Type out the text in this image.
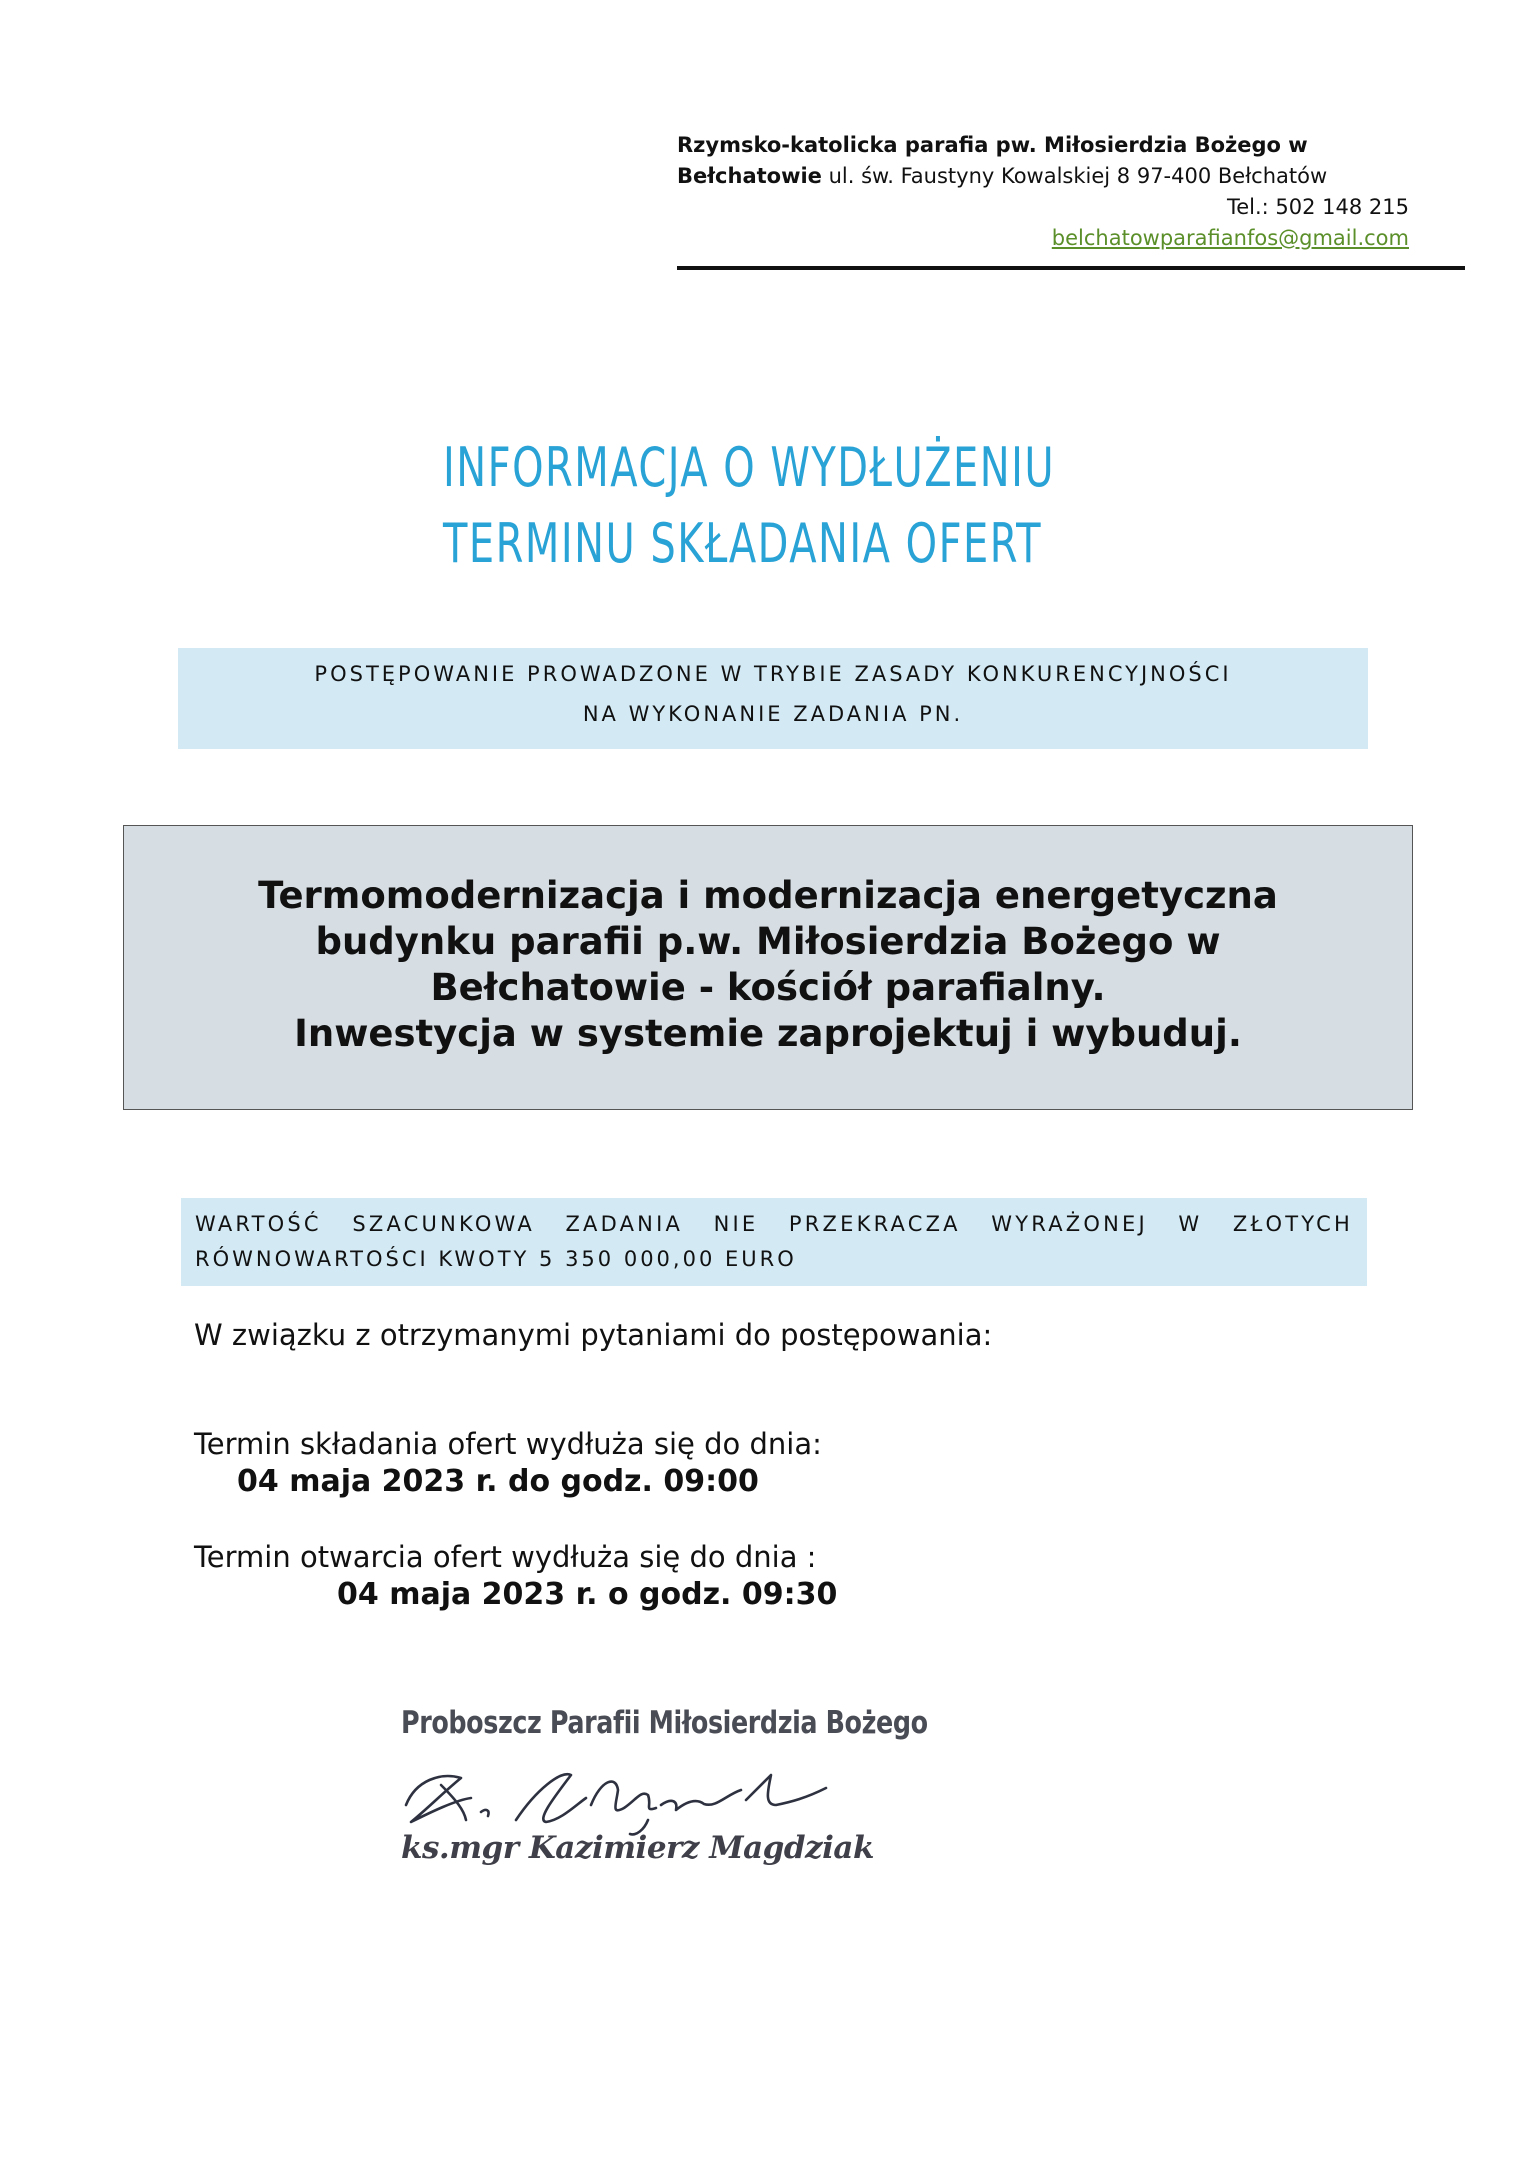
Rzymsko-katolicka parafia pw. Miłosierdzia Bożego w
Bełchatowie ul. św. Faustyny Kowalskiej 8 97-400 Bełchatów
Tel.: 502 148 215
belchatowparafianfos@gmail.com
INFORMACJA O WYDŁUŻENIU
TERMINU SKŁADANIA OFERT
POSTĘPOWANIE PROWADZONE W TRYBIE ZASADY KONKURENCYJNOŚCI
NA WYKONANIE ZADANIA PN.
Termomodernizacja i modernizacja energetyczna
budynku parafii p.w. Miłosierdzia Bożego w
Bełchatowie - kościół parafialny.
Inwestycja w systemie zaprojektuj i wybuduj.
WARTOŚĆ SZACUNKOWA ZADANIA NIE PRZEKRACZA WYRAŻONEJ W ZŁOTYCH
RÓWNOWARTOŚCI KWOTY 5 350 000,00 EURO
W związku z otrzymanymi pytaniami do postępowania:
Termin składania ofert wydłuża się do dnia:
04 maja 2023 r. do godz. 09:00
Termin otwarcia ofert wydłuża się do dnia :
04 maja 2023 r. o godz. 09:30
Proboszcz Parafii Miłosierdzia Bożego
ks.mgr Kazimierz Magdziak
